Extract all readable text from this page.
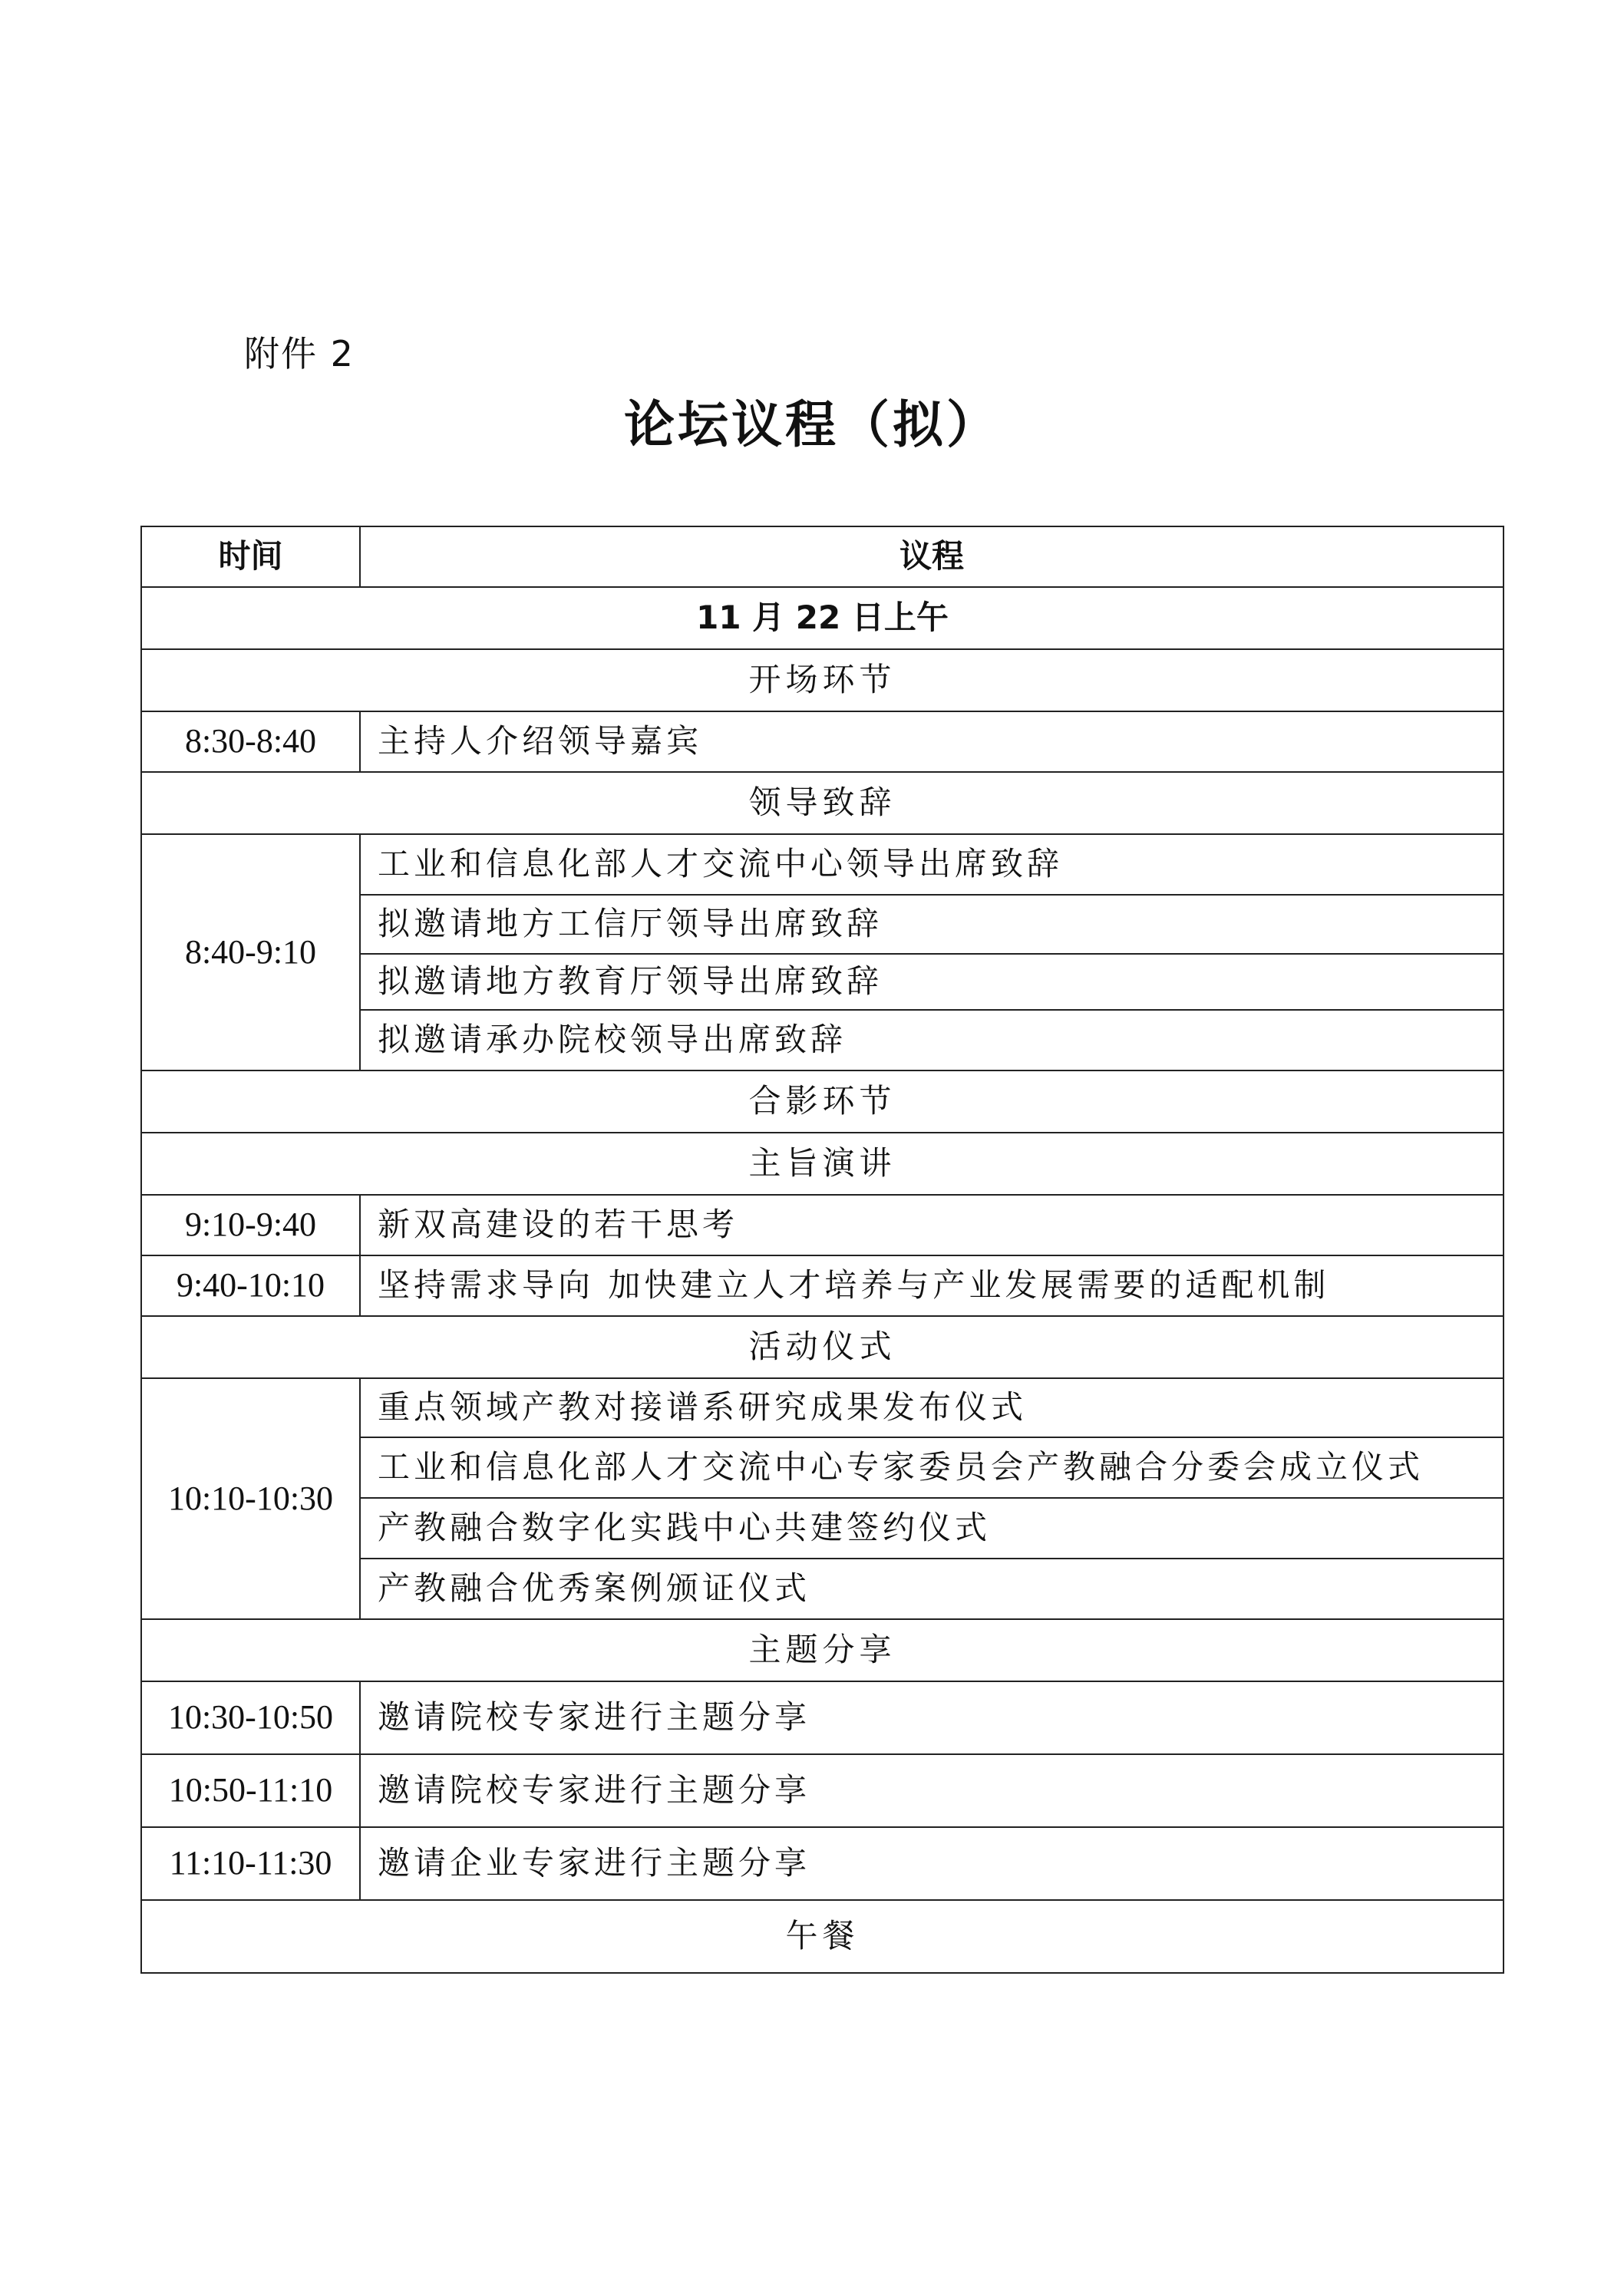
附件 2
论坛议程（拟）
时间	议程
11 月 22 日上午	
开场环节	
8:30-8:40	主持人介绍领导嘉宾
领导致辞	
8:40-9:10	工业和信息化部人才交流中心领导出席致辞
	拟邀请地方工信厅领导出席致辞
	拟邀请地方教育厅领导出席致辞
	拟邀请承办院校领导出席致辞
合影环节	
主旨演讲	
9:10-9:40	新双高建设的若干思考
9:40-10:10	坚持需求导向 加快建立人才培养与产业发展需要的适配机制
活动仪式	
10:10-10:30	重点领域产教对接谱系研究成果发布仪式
	工业和信息化部人才交流中心专家委员会产教融合分委会成立仪式
	产教融合数字化实践中心共建签约仪式
	产教融合优秀案例颁证仪式
主题分享	
10:30-10:50	邀请院校专家进行主题分享
10:50-11:10	邀请院校专家进行主题分享
11:10-11:30	邀请企业专家进行主题分享
午餐	
